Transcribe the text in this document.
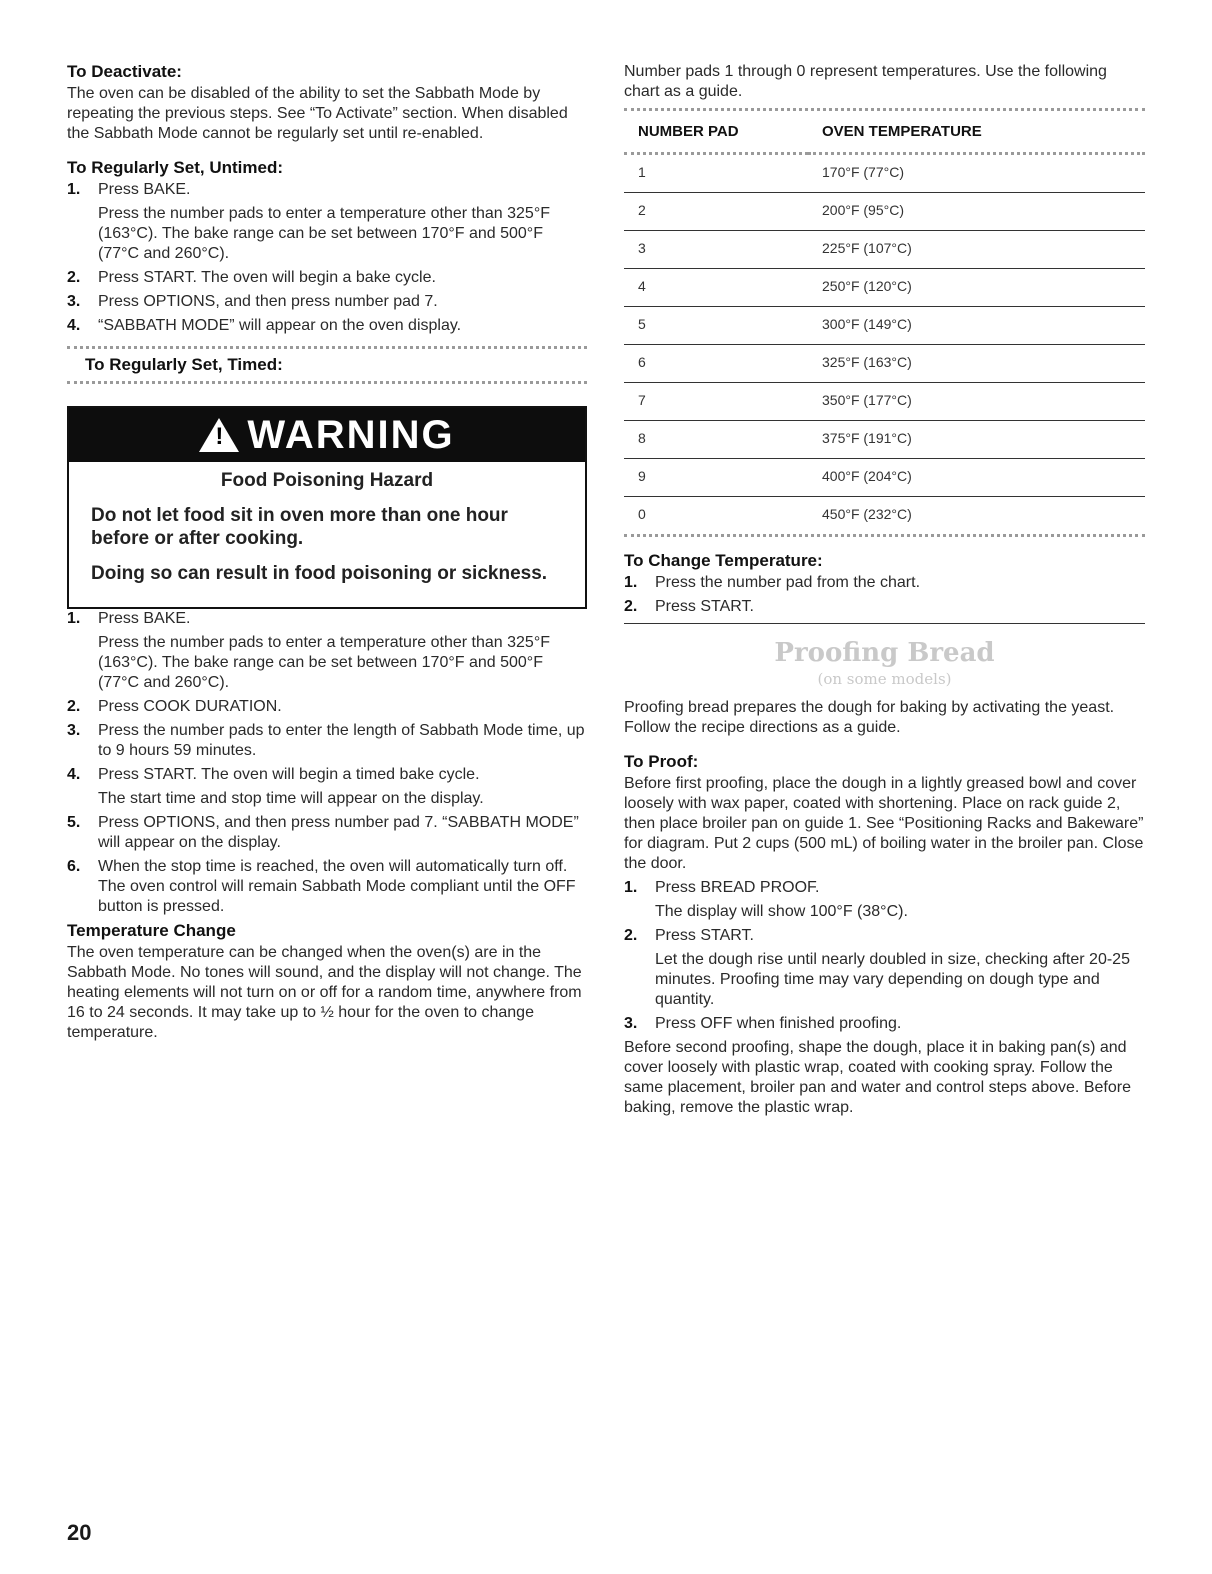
To Deactivate:

The oven can be disabled of the ability to set the Sabbath Mode by repeating the previous steps. See “To Activate” section. When disabled the Sabbath Mode cannot be regularly set until re-enabled.

To Regularly Set, Untimed:
1. Press BAKE.
Press the number pads to enter a temperature other than 325°F (163°C). The bake range can be set between 170°F and 500°F (77°C and 260°C).
2. Press START. The oven will begin a bake cycle.
3. Press OPTIONS, and then press number pad 7.
4. “SABBATH MODE” will appear on the oven display.
To Regularly Set, Timed:
! WARNING
Food Poisoning Hazard

Do not let food sit in oven more than one hour before or after cooking.

Doing so can result in food poisoning or sickness.

1. Press BAKE.
Press the number pads to enter a temperature other than 325°F (163°C). The bake range can be set between 170°F and 500°F (77°C and 260°C).
2. Press COOK DURATION.
3. Press the number pads to enter the length of Sabbath Mode time, up to 9 hours 59 minutes.
4. Press START. The oven will begin a timed bake cycle.
The start time and stop time will appear on the display.
5. Press OPTIONS, and then press number pad 7. “SABBATH MODE” will appear on the display.
6. When the stop time is reached, the oven will automatically turn off. The oven control will remain Sabbath Mode compliant until the OFF button is pressed.
Temperature Change

The oven temperature can be changed when the oven(s) are in the Sabbath Mode. No tones will sound, and the display will not change. The heating elements will not turn on or off for a random time, anywhere from 16 to 24 seconds. It may take up to ½ hour for the oven to change temperature.

Number pads 1 through 0 represent temperatures. Use the following chart as a guide.

NUMBER PAD	OVEN TEMPERATURE

1	170°F (77°C)
2	200°F (95°C)
3	225°F (107°C)
4	250°F (120°C)
5	300°F (149°C)
6	325°F (163°C)
7	350°F (177°C)
8	375°F (191°C)
9	400°F (204°C)
0	450°F (232°C)
To Change Temperature:
1. Press the number pad from the chart.
2. Press START.
Proofing Bread
(on some models)

Proofing bread prepares the dough for baking by activating the yeast. Follow the recipe directions as a guide.

To Proof:

Before first proofing, place the dough in a lightly greased bowl and cover loosely with wax paper, coated with shortening. Place on rack guide 2, then place broiler pan on guide 1. See “Positioning Racks and Bakeware” for diagram. Put 2 cups (500 mL) of boiling water in the broiler pan. Close the door.

1. Press BREAD PROOF.
The display will show 100°F (38°C).
2. Press START.
Let the dough rise until nearly doubled in size, checking after 20-25 minutes. Proofing time may vary depending on dough type and quantity.
3. Press OFF when finished proofing.

Before second proofing, shape the dough, place it in baking pan(s) and cover loosely with plastic wrap, coated with cooking spray. Follow the same placement, broiler pan and water and control steps above. Before baking, remove the plastic wrap.

20
